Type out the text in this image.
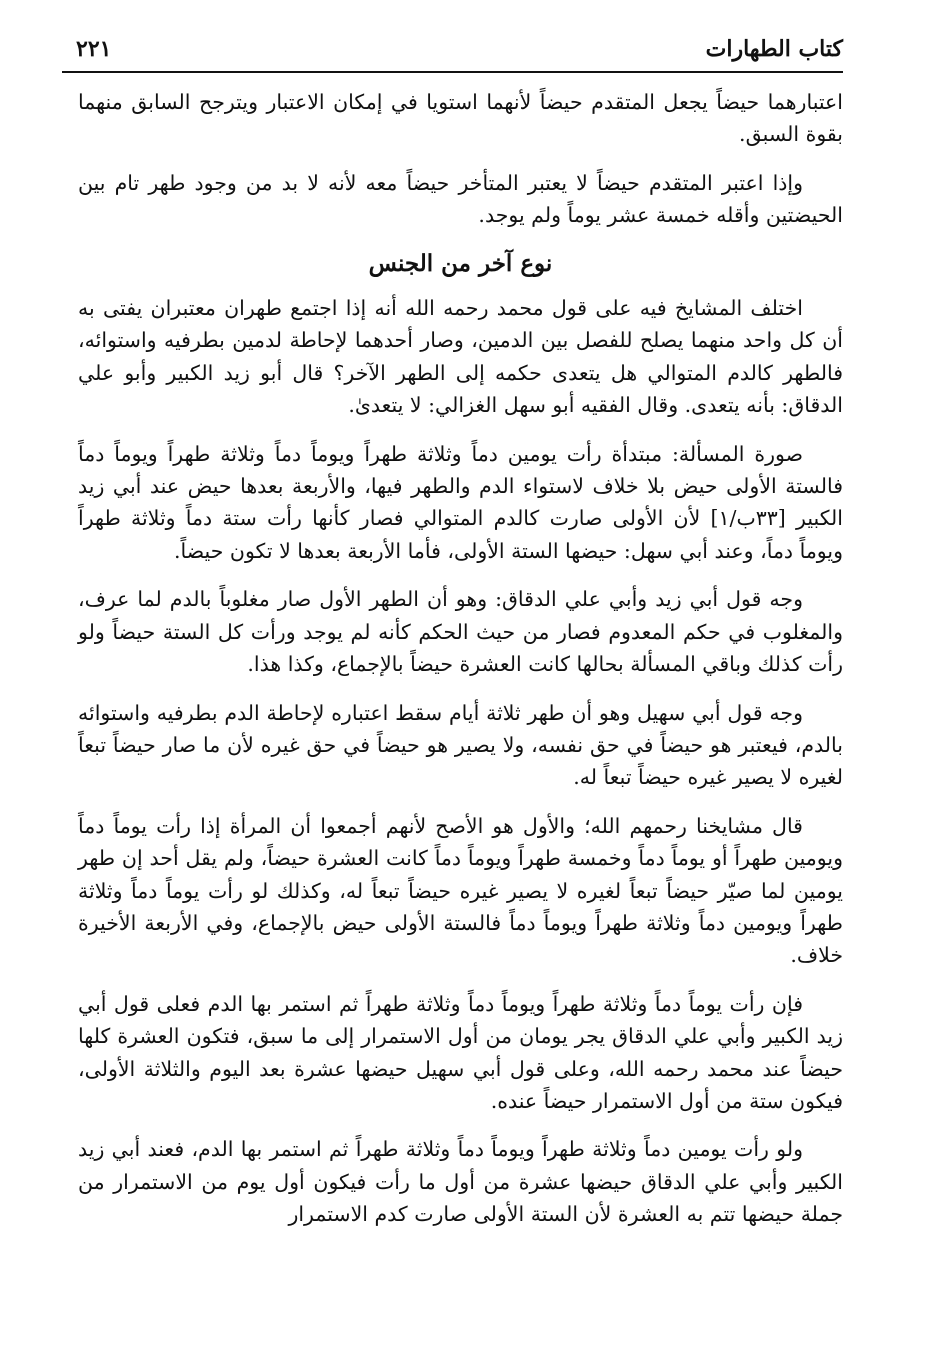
كتاب الطهارات
٢٢١

اعتبارهما حيضاً يجعل المتقدم حيضاً لأنهما استويا في إمكان الاعتبار ويترجح السابق منهما بقوة السبق.

وإذا اعتبر المتقدم حيضاً لا يعتبر المتأخر حيضاً معه لأنه لا بد من وجود طهر تام بين الحيضتين وأقله خمسة عشر يوماً ولم يوجد.

نوع آخر من الجنس

اختلف المشايخ فيه على قول محمد رحمه الله أنه إذا اجتمع طهران معتبران يفتى به أن كل واحد منهما يصلح للفصل بين الدمين، وصار أحدهما لإحاطة لدمين بطرفيه واستوائه، فالطهر كالدم المتوالي هل يتعدى حكمه إلى الطهر الآخر؟ قال أبو زيد الكبير وأبو علي الدقاق: بأنه يتعدى. وقال الفقيه أبو سهل الغزالي: لا يتعدىٰ.

صورة المسألة: مبتدأة رأت يومين دماً وثلاثة طهراً ويوماً دماً وثلاثة طهراً ويوماً دماً فالستة الأولى حيض بلا خلاف لاستواء الدم والطهر فيها، والأربعة بعدها حيض عند أبي زيد الكبير [٣٣ب/١] لأن الأولى صارت كالدم المتوالي فصار كأنها رأت ستة دماً وثلاثة طهراً ويوماً دماً، وعند أبي سهل: حيضها الستة الأولى، فأما الأربعة بعدها لا تكون حيضاً.

وجه قول أبي زيد وأبي علي الدقاق: وهو أن الطهر الأول صار مغلوباً بالدم لما عرف، والمغلوب في حكم المعدوم فصار من حيث الحكم كأنه لم يوجد ورأت كل الستة حيضاً ولو رأت كذلك وباقي المسألة بحالها كانت العشرة حيضاً بالإجماع، وكذا هذا.

وجه قول أبي سهيل وهو أن طهر ثلاثة أيام سقط اعتباره لإحاطة الدم بطرفيه واستوائه بالدم، فيعتبر هو حيضاً في حق نفسه، ولا يصير هو حيضاً في حق غيره لأن ما صار حيضاً تبعاً لغيره لا يصير غيره حيضاً تبعاً له.

قال مشايخنا رحمهم الله؛ والأول هو الأصح لأنهم أجمعوا أن المرأة إذا رأت يوماً دماً ويومين طهراً أو يوماً دماً وخمسة طهراً ويوماً دماً كانت العشرة حيضاً، ولم يقل أحد إن طهر يومين لما صيّر حيضاً تبعاً لغيره لا يصير غيره حيضاً تبعاً له، وكذلك لو رأت يوماً دماً وثلاثة طهراً ويومين دماً وثلاثة طهراً ويوماً دماً فالستة الأولى حيض بالإجماع، وفي الأربعة الأخيرة خلاف.

فإن رأت يوماً دماً وثلاثة طهراً ويوماً دماً وثلاثة طهراً ثم استمر بها الدم فعلى قول أبي زيد الكبير وأبي علي الدقاق يجر يومان من أول الاستمرار إلى ما سبق، فتكون العشرة كلها حيضاً عند محمد رحمه الله، وعلى قول أبي سهيل حيضها عشرة بعد اليوم والثلاثة الأولى، فيكون ستة من أول الاستمرار حيضاً عنده.

ولو رأت يومين دماً وثلاثة طهراً ويوماً دماً وثلاثة طهراً ثم استمر بها الدم، فعند أبي زيد الكبير وأبي علي الدقاق حيضها عشرة من أول ما رأت فيكون أول يوم من الاستمرار من جملة حيضها تتم به العشرة لأن الستة الأولى صارت كدم الاستمرار
